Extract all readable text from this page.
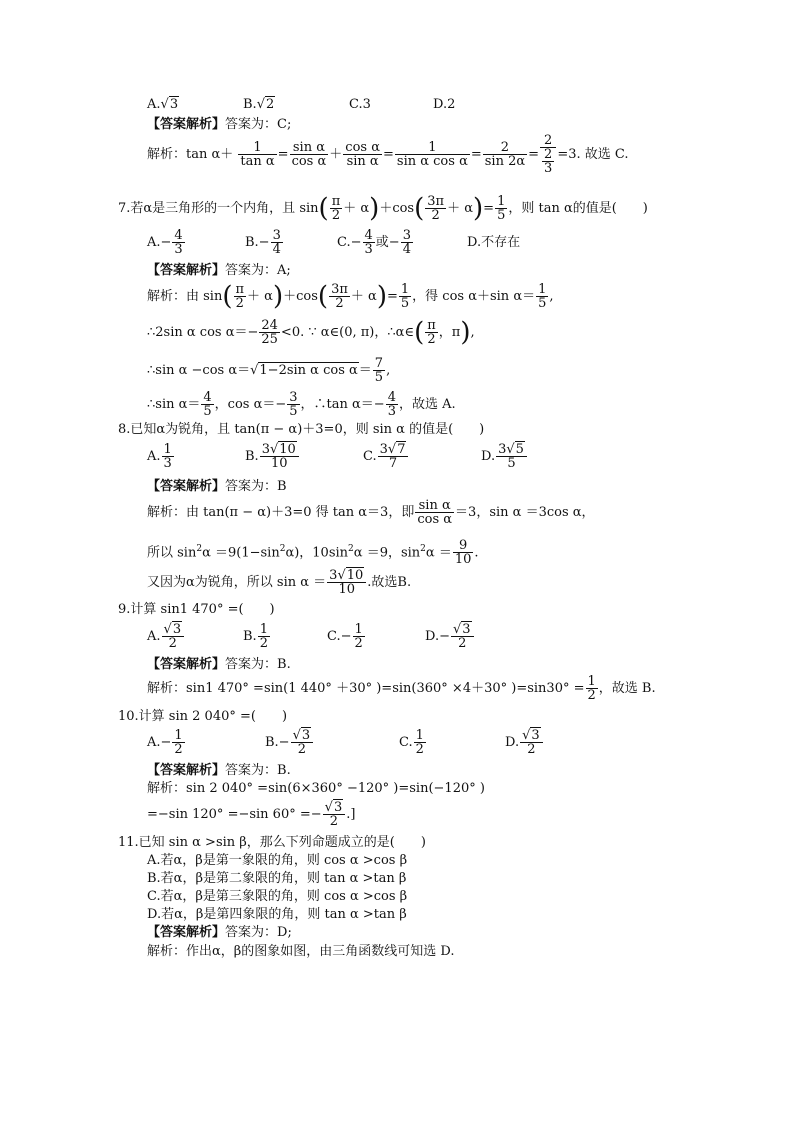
A.√3	B.√2	C.3	D.2
【答案解析】答案为：C;
解析：$\tan \alpha+ \frac{1}{\text{tan α}} = \frac{\text{sin α}}{\text{cos α}} + \frac{\text{cos α}}{\text{sin α}} = \frac{1}{\text{sin α cos α}} = \frac{2}{\sin 2\alpha} = \frac{2}{\frac{2}{3}} =3$. 故选 C.
7.若α是三角形的一个内角，且 $\sin( \frac{\pi}{2} + \alpha)+\cos( \frac{3\pi}{2} + \alpha)= \frac{1}{5}$ ，则 tan α的值是(　　)
$A.- \frac{4}{3}$	$B.- \frac{3}{4}$	$C.- \frac{4}{3}$ 或− $\frac{3}{4}$	D.不存在
【答案解析】答案为：A;
解析：由 $\sin( \frac{\pi}{2} + \alpha)+\cos( \frac{3\pi}{2} + \alpha)= \frac{1}{5}$ ，得 cos α＋sin $\alpha= \frac{1}{5}$ ,
∴2sin α $\cos \alpha=- \frac{24}{25} <0$. ∵ α∈(0, π)，∴α∈( $\frac{\pi}{2}$ ，π),
∴sin α −cos α＝√1−2sin α $\cos \alpha= \frac{7}{5}$ ,
∴sin $\alpha= \frac{4}{5}$ ，$\cos \alpha=- \frac{3}{5}$ ，∴tan $\alpha=- \frac{4}{3}$ ，故选 A.
8.已知α为锐角，且 tan(π − α)＋3=0，则 sin α 的值是(　　)
A. $\frac{1}{3}$	B. $\frac{3√10}{10}$	C. $\frac{3√7}{7}$	D. $\frac{3√5}{5}$
【答案解析】答案为：B
解析：由 tan(π − α)＋3=0 得 tan α＝3，即 $\frac{\text{sin α}}{\text{cos α}} =3$，sin α ＝3cos α，
所以 $\sin^2\alpha =9(1-\sin^2\alpha)$，$10\sin^2\alpha =9$，$\sin^2\alpha = \frac{9}{10}$ .
又因为α为锐角，所以 $\sin \alpha = \frac{3√10}{10}$ .故选B.
9.计算 sin1 470° =(　　)
A. $\frac{√3}{2}$	B. $\frac{1}{2}$	$C.- \frac{1}{2}$	$D.- \frac{√3}{2}$
【答案解析】答案为：B.
解析：sin1 470° =sin(1 440° ＋30° )=sin(360° ×4＋30° )$=\sin 30^\circ = \frac{1}{2}$ ，故选 B.
10.计算 sin 2 040° =(　　)
$A.- \frac{1}{2}$	$B.- \frac{√3}{2}$	C. $\frac{1}{2}$	D. $\frac{√3}{2}$
【答案解析】答案为：B.
解析：sin 2 040° =sin(6×360° −120° )=sin(−120° )
=−sin 120° =−sin $60^\circ =- \frac{√3}{2}$ .]
11.已知 sin α >sin β，那么下列命题成立的是(　　)
A.若α，β是第一象限的角，则 cos α >cos β
B.若α，β是第二象限的角，则 tan α >tan β
C.若α，β是第三象限的角，则 cos α >cos β
D.若α，β是第四象限的角，则 tan α >tan β
【答案解析】答案为：D;
解析：作出α，β的图象如图，由三角函数线可知选 D.
